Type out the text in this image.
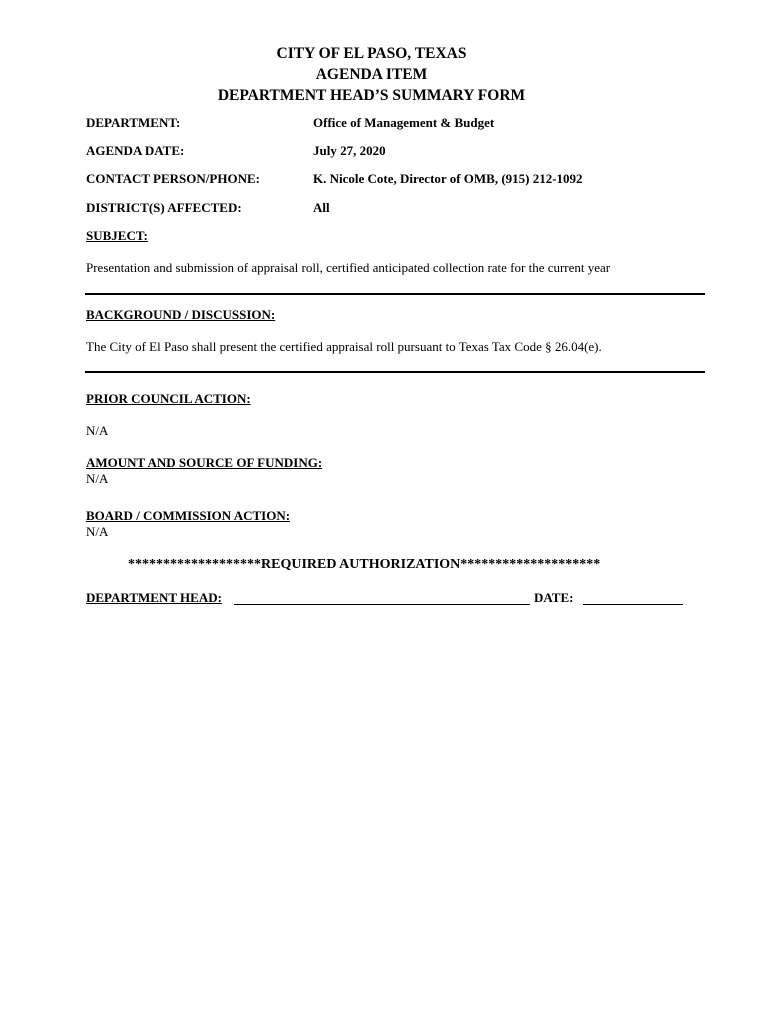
CITY OF EL PASO, TEXAS
AGENDA ITEM
DEPARTMENT HEAD’S SUMMARY FORM
DEPARTMENT:	Office of Management & Budget
AGENDA DATE:	July 27, 2020
CONTACT PERSON/PHONE:	K. Nicole Cote, Director of OMB, (915) 212-1092
DISTRICT(S) AFFECTED:	All
SUBJECT:
Presentation and submission of appraisal roll, certified anticipated collection rate for the current year
BACKGROUND / DISCUSSION:
The City of El Paso shall present the certified appraisal roll pursuant to Texas Tax Code § 26.04(e).
PRIOR COUNCIL ACTION:
N/A
AMOUNT AND SOURCE OF FUNDING:
N/A
BOARD / COMMISSION ACTION:
N/A
*******************REQUIRED AUTHORIZATION********************
DEPARTMENT HEAD:	DATE:
